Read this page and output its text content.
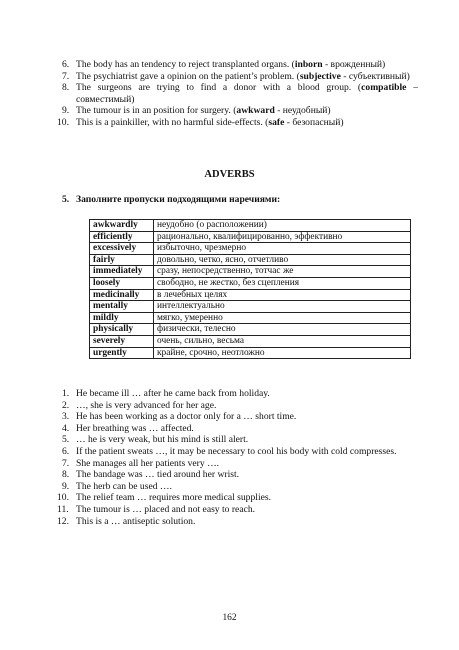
6. The body has an tendency to reject transplanted organs. (inborn - врожденный)
7. The psychiatrist gave a opinion on the patient’s problem. (subjective - субъективный)
8. The surgeons are trying to find a donor with a blood group. (compatible – совместимый)
9. The tumour is in an position for surgery. (awkward - неудобный)
10. This is a painkiller, with no harmful side-effects. (safe - безопасный)
ADVERBS
5. Заполните пропуски подходящими наречиями:
awkwardly	неудобно (о расположении)
efficiently	рационально, квалифицированно, эффективно
excessively	избыточно, чрезмерно
fairly	довольно, четко, ясно, отчетливо
immediately	сразу, непосредственно, тотчас же
loosely	свободно, не жестко, без сцепления
medicinally	в лечебных целях
mentally	интеллектуально
mildly	мягко, умеренно
physically	физически, телесно
severely	очень, сильно, весьма
urgently	крайне, срочно, неотложно
1. He became ill … after he came back from holiday.
2. …, she is very advanced for her age.
3. He has been working as a doctor only for a … short time.
4. Her breathing was … affected.
5. … he is very weak, but his mind is still alert.
6. If the patient sweats …, it may be necessary to cool his body with cold compresses.
7. She manages all her patients very ….
8. The bandage was … tied around her wrist.
9. The herb can be used ….
10. The relief team … requires more medical supplies.
11. The tumour is … placed and not easy to reach.
12. This is a … antiseptic solution.
162
